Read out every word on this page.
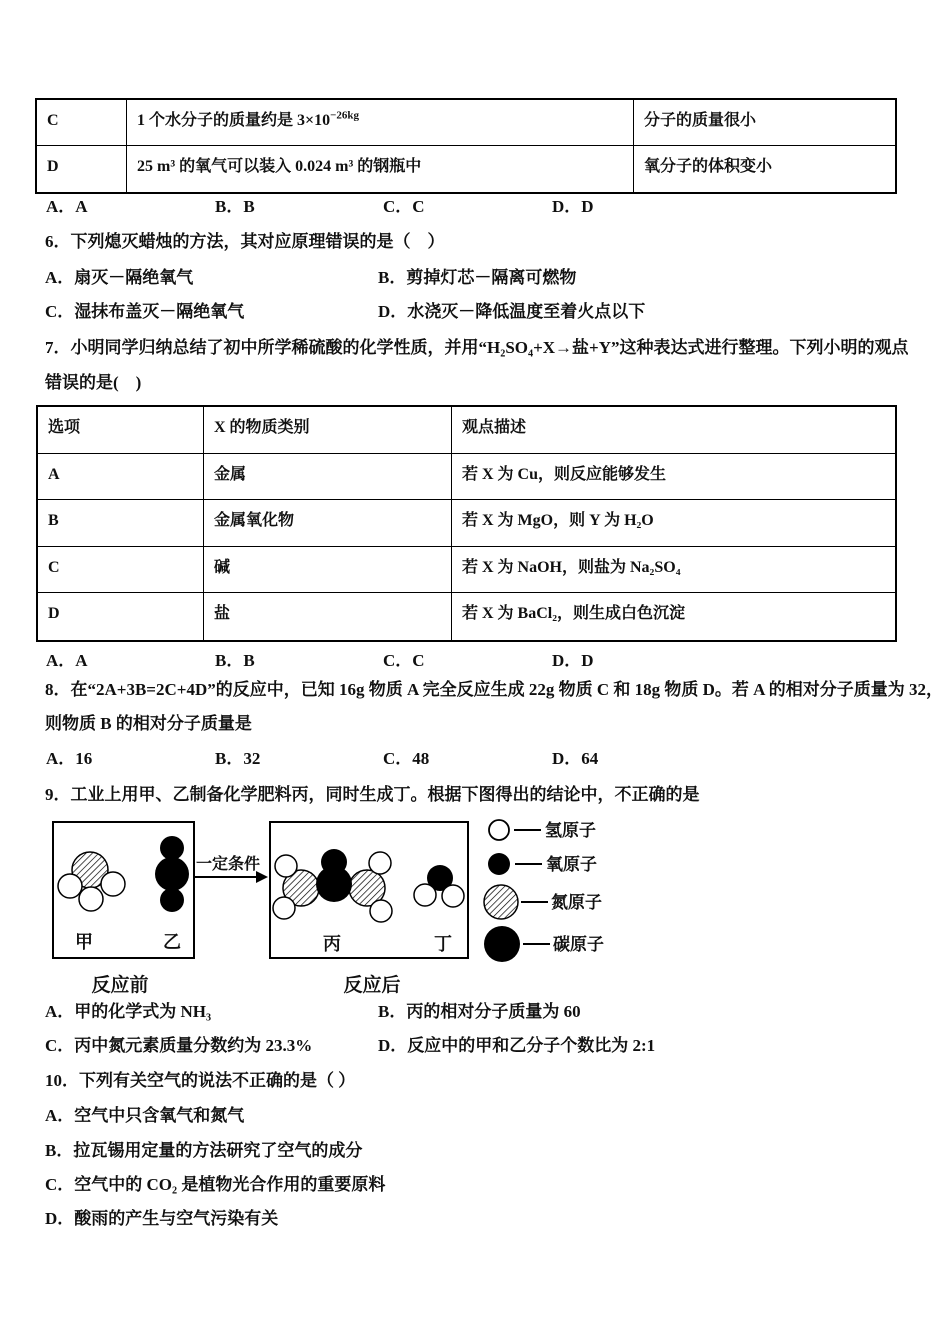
C	1 个水分子的质量约是 $3\times 10^{-26kg}$	分子的质量很小
D	25 m³ 的氧气可以装入 0.024 m³ 的钢瓶中	氧分子的体积变小
A．A	B．B	C．C	D．D
6．下列熄灭蜡烛的方法，其对应原理错误的是（　）
A．扇灭－隔绝氧气	B．剪掉灯芯－隔离可燃物
C．湿抹布盖灭－隔绝氧气	D．水浇灭－降低温度至着火点以下
7．小明同学归纳总结了初中所学稀硫酸的化学性质，并用“H₂SO₄+X→盐+Y”这种表达式进行整理。下列小明的观点
错误的是(　)
选项	X 的物质类别	观点描述
A	金属	若 X 为 Cu，则反应能够发生
B	金属氧化物	若 X 为 MgO，则 Y 为 H₂O
C	碱	若 X 为 NaOH，则盐为 Na₂SO₄
D	盐	若 X 为 BaCl₂，则生成白色沉淀
A．A	B．B	C．C	D．D
8．在“2A+3B=2C+4D”的反应中，已知 16g 物质 A 完全反应生成 22g 物质 C 和 18g 物质 D。若 A 的相对分子质量为 32，
则物质 B 的相对分子质量是
A．16	B．32	C．48	D．64
9．工业上用甲、乙制备化学肥料丙，同时生成丁。根据下图得出的结论中，不正确的是
甲	乙
一定条件
丙	丁
反应前	反应后
氢原子
氧原子
氮原子
碳原子
A．甲的化学式为 NH₃	B．丙的相对分子质量为 60
C．丙中氮元素质量分数约为 23.3%	D．反应中的甲和乙分子个数比为 2:1
10．下列有关空气的说法不正确的是（ ）
A．空气中只含氧气和氮气
B．拉瓦锡用定量的方法研究了空气的成分
C．空气中的 CO₂ 是植物光合作用的重要原料
D．酸雨的产生与空气污染有关
